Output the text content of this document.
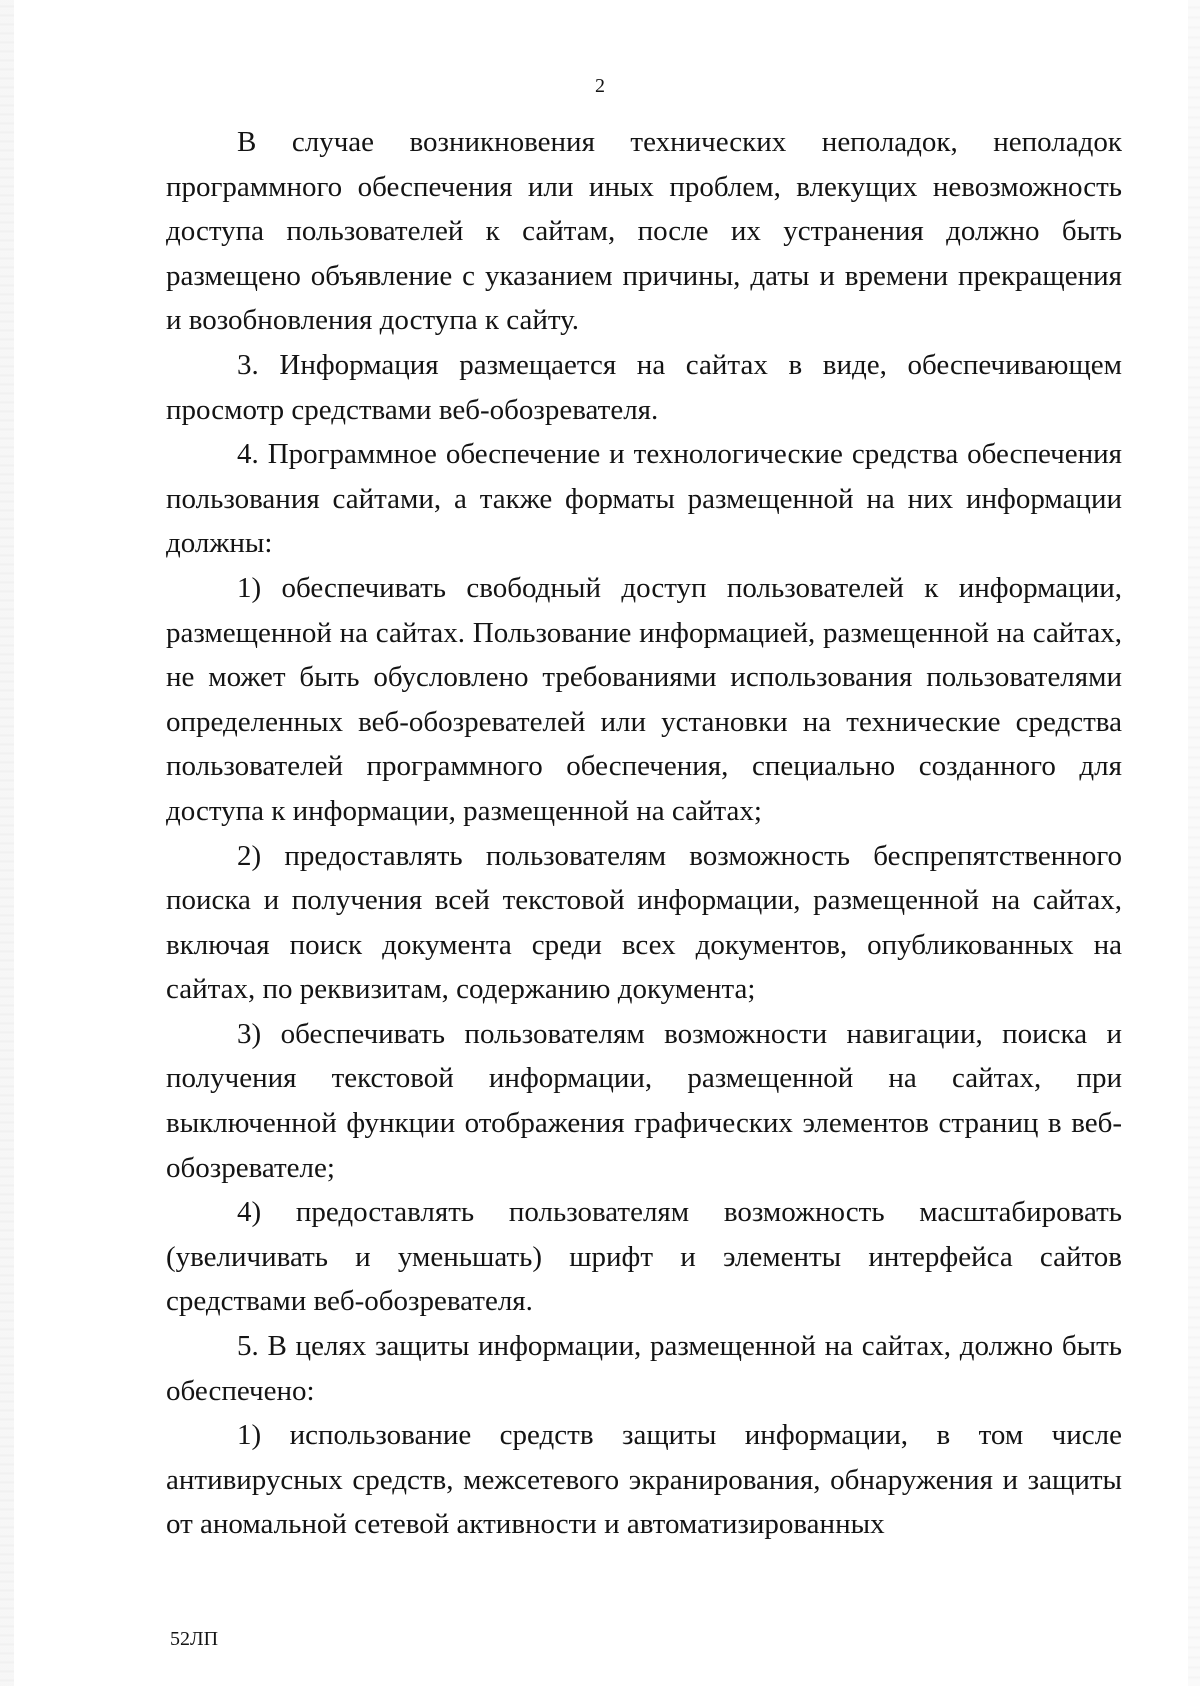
2

В случае возникновения технических неполадок, неполадок программного обеспечения или иных проблем, влекущих невозможность доступа пользователей к сайтам, после их устранения должно быть размещено объявление с указанием причины, даты и времени прекращения и возобновления доступа к сайту.

3. Информация размещается на сайтах в виде, обеспечивающем просмотр средствами веб-обозревателя.

4. Программное обеспечение и технологические средства обеспечения пользования сайтами, а также форматы размещенной на них информации должны:

1) обеспечивать свободный доступ пользователей к информации, размещенной на сайтах. Пользование информацией, размещенной на сайтах, не может быть обусловлено требованиями использования пользователями определенных веб-обозревателей или установки на технические средства пользователей программного обеспечения, специально созданного для доступа к информации, размещенной на сайтах;

2) предоставлять пользователям возможность беспрепятственного поиска и получения всей текстовой информации, размещенной на сайтах, включая поиск документа среди всех документов, опубликованных на сайтах, по реквизитам, содержанию документа;

3) обеспечивать пользователям возможности навигации, поиска и получения текстовой информации, размещенной на сайтах, при выключенной функции отображения графических элементов страниц в веб-обозревателе;

4) предоставлять пользователям возможность масштабировать (увеличивать и уменьшать) шрифт и элементы интерфейса сайтов средствами веб-обозревателя.

5. В целях защиты информации, размещенной на сайтах, должно быть обеспечено:

1) использование средств защиты информации, в том числе антивирусных средств, межсетевого экранирования, обнаружения и защиты от аномальной сетевой активности и автоматизированных

52ЛП
